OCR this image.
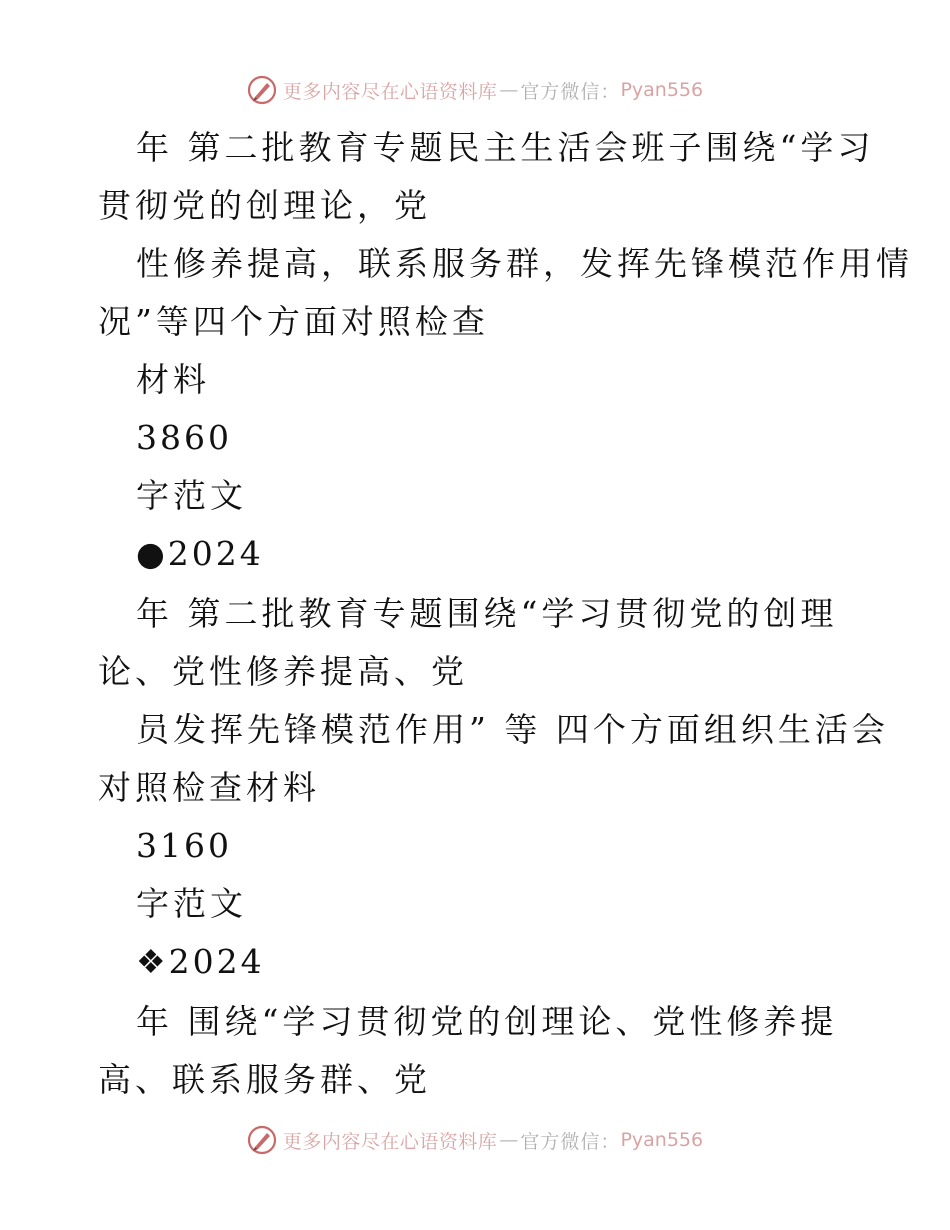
更多内容尽在心语资料库 — 官方微信： Pyan556
年 第二批教育专题民主生活会班子围绕“学习
贯彻党的创理论，党
性修养提高，联系服务群，发挥先锋模范作用情
况”等四个方面对照检查
材料
3860
字范文
●2024
年 第二批教育专题围绕“学习贯彻党的创理
论、党性修养提高、党
员发挥先锋模范作用” 等 四个方面组织生活会
对照检查材料
3160
字范文
❖2024
年 围绕“学习贯彻党的创理论、党性修养提
高、联系服务群、党
更多内容尽在心语资料库 — 官方微信： Pyan556
